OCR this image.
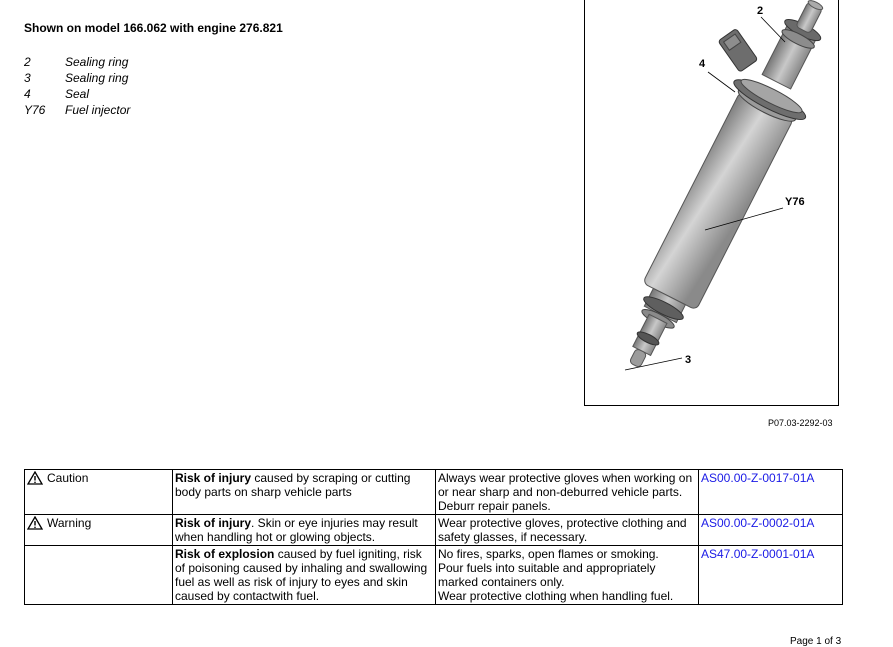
Shown on model 166.062 with engine 276.821
2	Sealing ring
3	Sealing ring
4	Seal
Y76 Fuel injector
2
4
Y76
3
P07.03-2292-03
Caution	Risk of injury caused by scraping or cutting body parts on sharp vehicle parts	Always wear protective gloves when working on or near sharp and non-deburred vehicle parts.
Deburr repair panels.	AS00.00-Z-0017-01A
Warning	Risk of injury. Skin or eye injuries may result when handling hot or glowing objects.	Wear protective gloves, protective clothing and safety glasses, if necessary.	AS00.00-Z-0002-01A
	Risk of explosion caused by fuel igniting, risk of poisoning caused by inhaling and swallowing fuel as well as risk of injury to eyes and skin caused by contactwith fuel.	No fires, sparks, open flames or smoking.
Pour fuels into suitable and appropriately marked containers only.
Wear protective clothing when handling fuel.	AS47.00-Z-0001-01A
Page 1 of 3
